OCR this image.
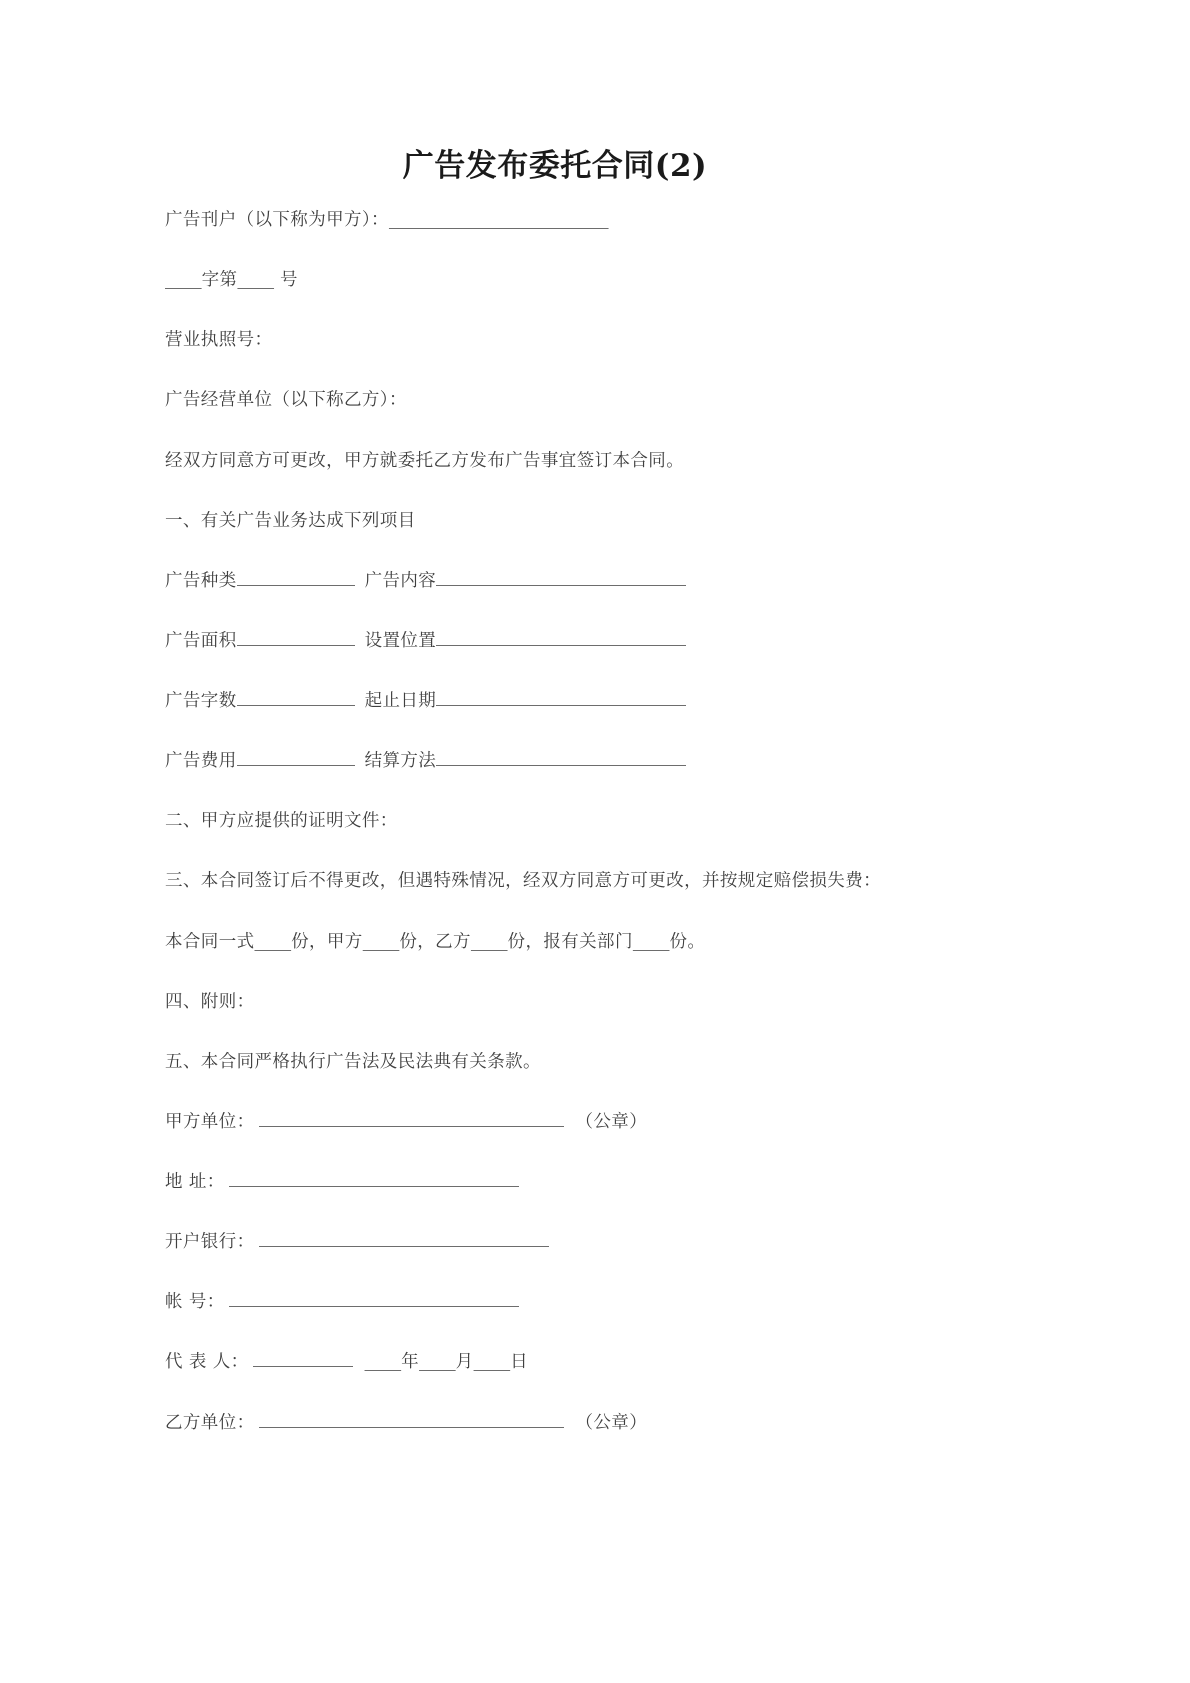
广告发布委托合同(2)

广告刊户（以下称为甲方）：

字第 号

营业执照号：

广告经营单位（以下称乙方）：

经双方同意方可更改，甲方就委托乙方发布广告事宜签订本合同。

一、有关广告业务达成下列项目

广告种类	广告内容
广告面积	设置位置
广告字数	起止日期
广告费用	结算方法

二、甲方应提供的证明文件：

三、本合同签订后不得更改，但遇特殊情况，经双方同意方可更改，并按规定赔偿损失费：

本合同一式 份，甲方 份，乙方 份，报有关部门 份。

四、附则：

五、本合同严格执行广告法及民法典有关条款。

甲方单位：	（公章）
地 址：
开户银行：
帐 号：
代 表 人：	年 月 日
乙方单位：	（公章）
